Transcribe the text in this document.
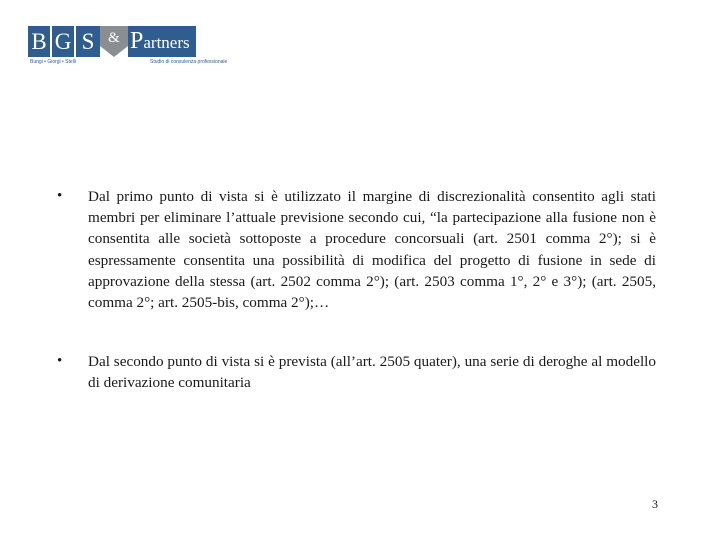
B G S & Partners
Bungi • Giorgi • Stelli	Studio di consulenza professionale
•	Dal primo punto di vista si è utilizzato il margine di discrezionalità consentito agli stati membri per eliminare l’attuale previsione secondo cui, “la partecipazione alla fusione non è consentita alle società sottoposte a procedure concorsuali (art. 2501 comma 2°); si è espressamente consentita una possibilità di modifica del progetto di fusione in sede di approvazione della stessa (art. 2502 comma 2°); (art. 2503 comma 1°, 2° e 3°); (art. 2505, comma 2°; art. 2505-bis, comma 2°);…
•	Dal secondo punto di vista si è prevista (all’art. 2505 quater), una serie di deroghe al modello di derivazione comunitaria
3
